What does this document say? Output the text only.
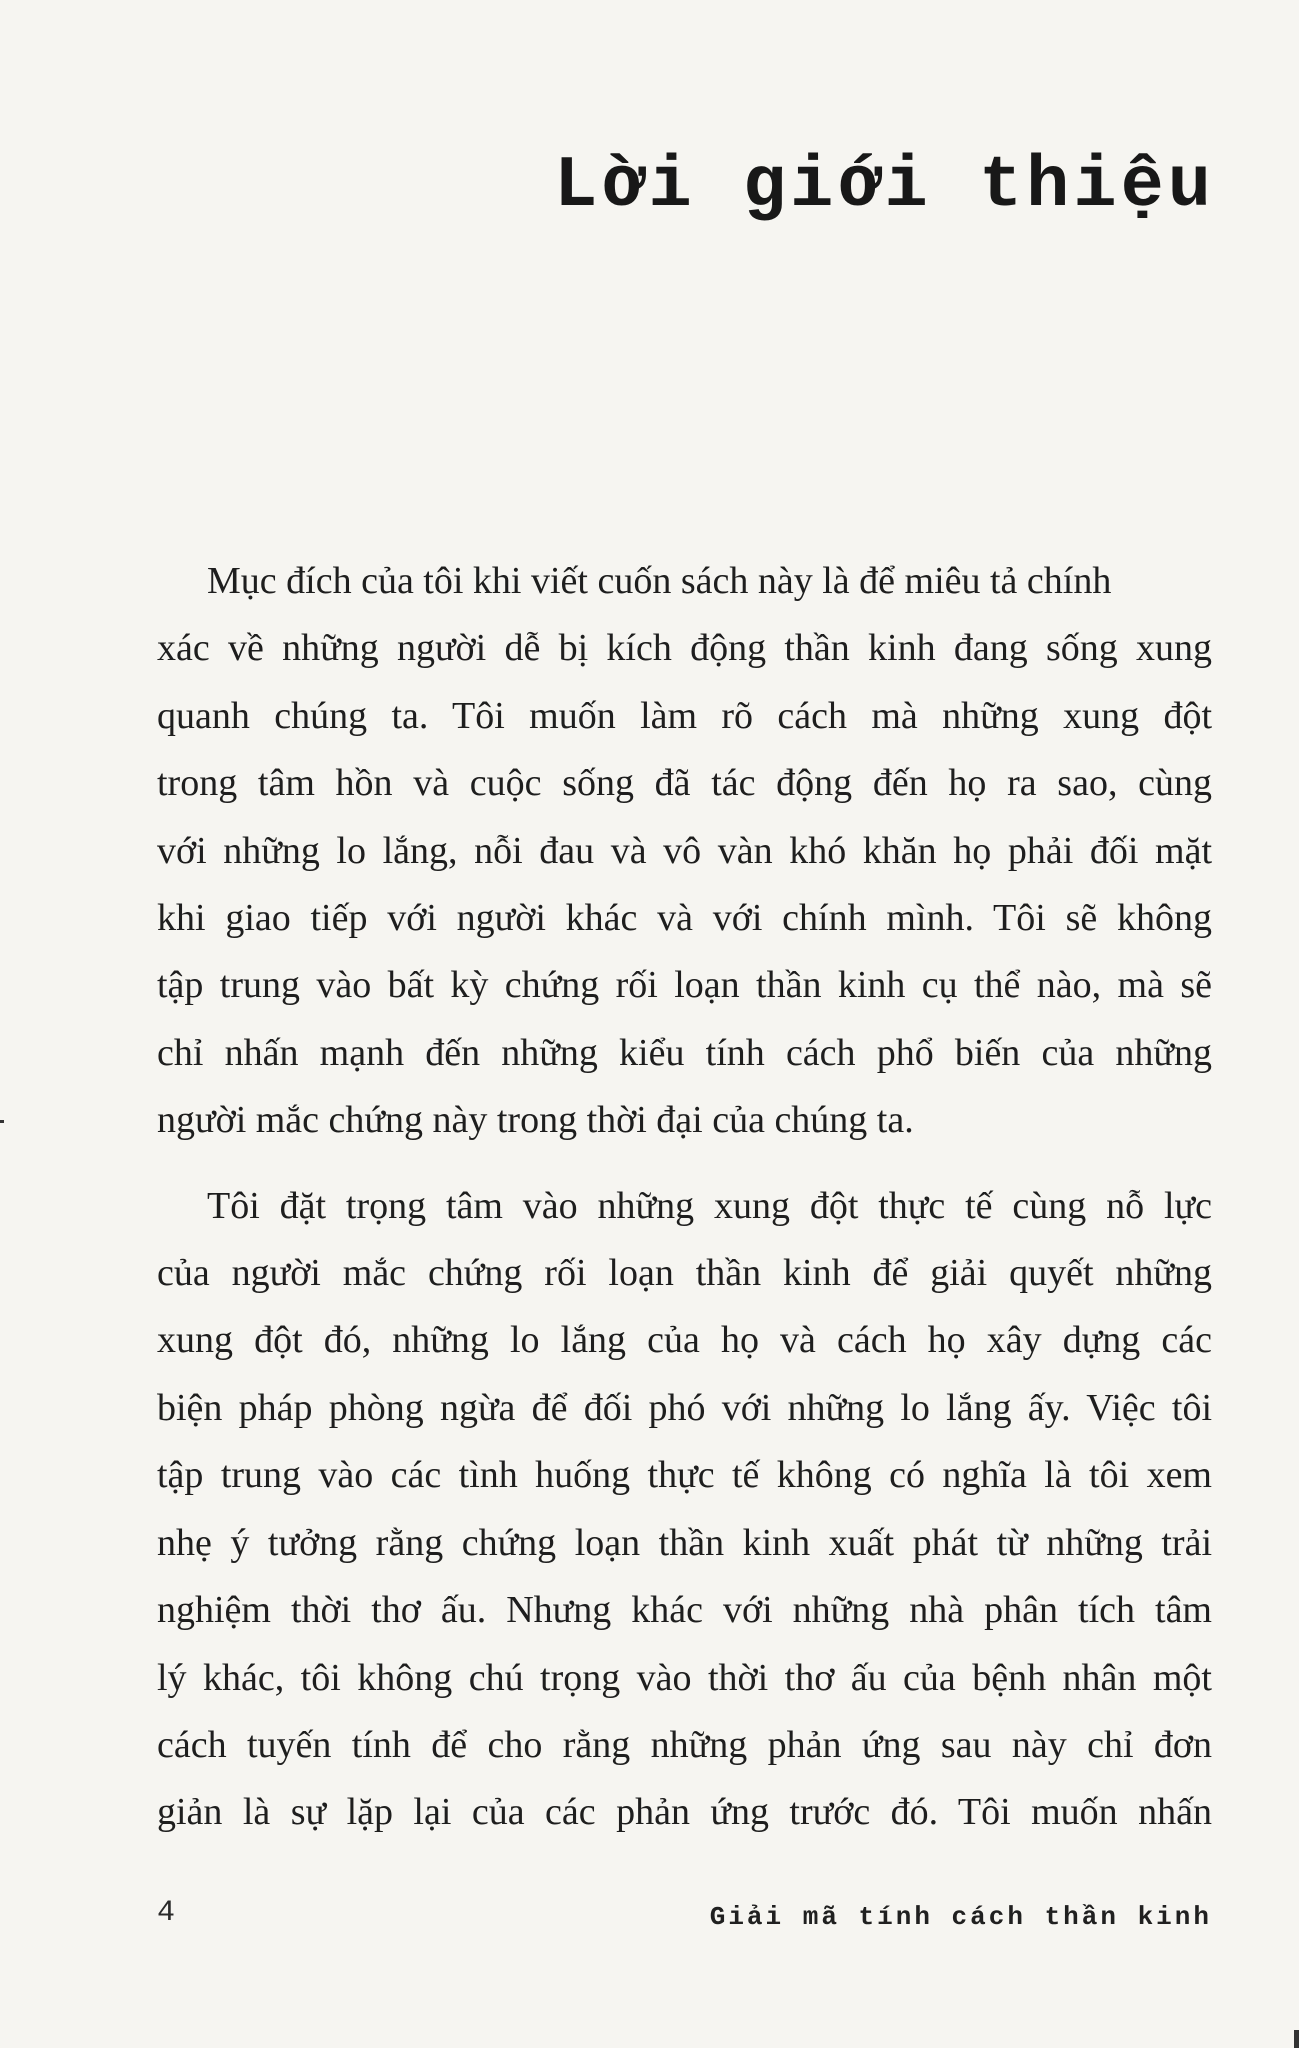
Lời giới thiệu

Mục đích của tôi khi viết cuốn sách này là để miêu tả chính
xác về những người dễ bị kích động thần kinh đang sống xung
quanh chúng ta. Tôi muốn làm rõ cách mà những xung đột
trong tâm hồn và cuộc sống đã tác động đến họ ra sao, cùng
với những lo lắng, nỗi đau và vô vàn khó khăn họ phải đối mặt
khi giao tiếp với người khác và với chính mình. Tôi sẽ không
tập trung vào bất kỳ chứng rối loạn thần kinh cụ thể nào, mà sẽ
chỉ nhấn mạnh đến những kiểu tính cách phổ biến của những
người mắc chứng này trong thời đại của chúng ta.

Tôi đặt trọng tâm vào những xung đột thực tế cùng nỗ lực
của người mắc chứng rối loạn thần kinh để giải quyết những
xung đột đó, những lo lắng của họ và cách họ xây dựng các
biện pháp phòng ngừa để đối phó với những lo lắng ấy. Việc tôi
tập trung vào các tình huống thực tế không có nghĩa là tôi xem
nhẹ ý tưởng rằng chứng loạn thần kinh xuất phát từ những trải
nghiệm thời thơ ấu. Nhưng khác với những nhà phân tích tâm
lý khác, tôi không chú trọng vào thời thơ ấu của bệnh nhân một
cách tuyến tính để cho rằng những phản ứng sau này chỉ đơn
giản là sự lặp lại của các phản ứng trước đó. Tôi muốn nhấn

4	Giải mã tính cách thần kinh
